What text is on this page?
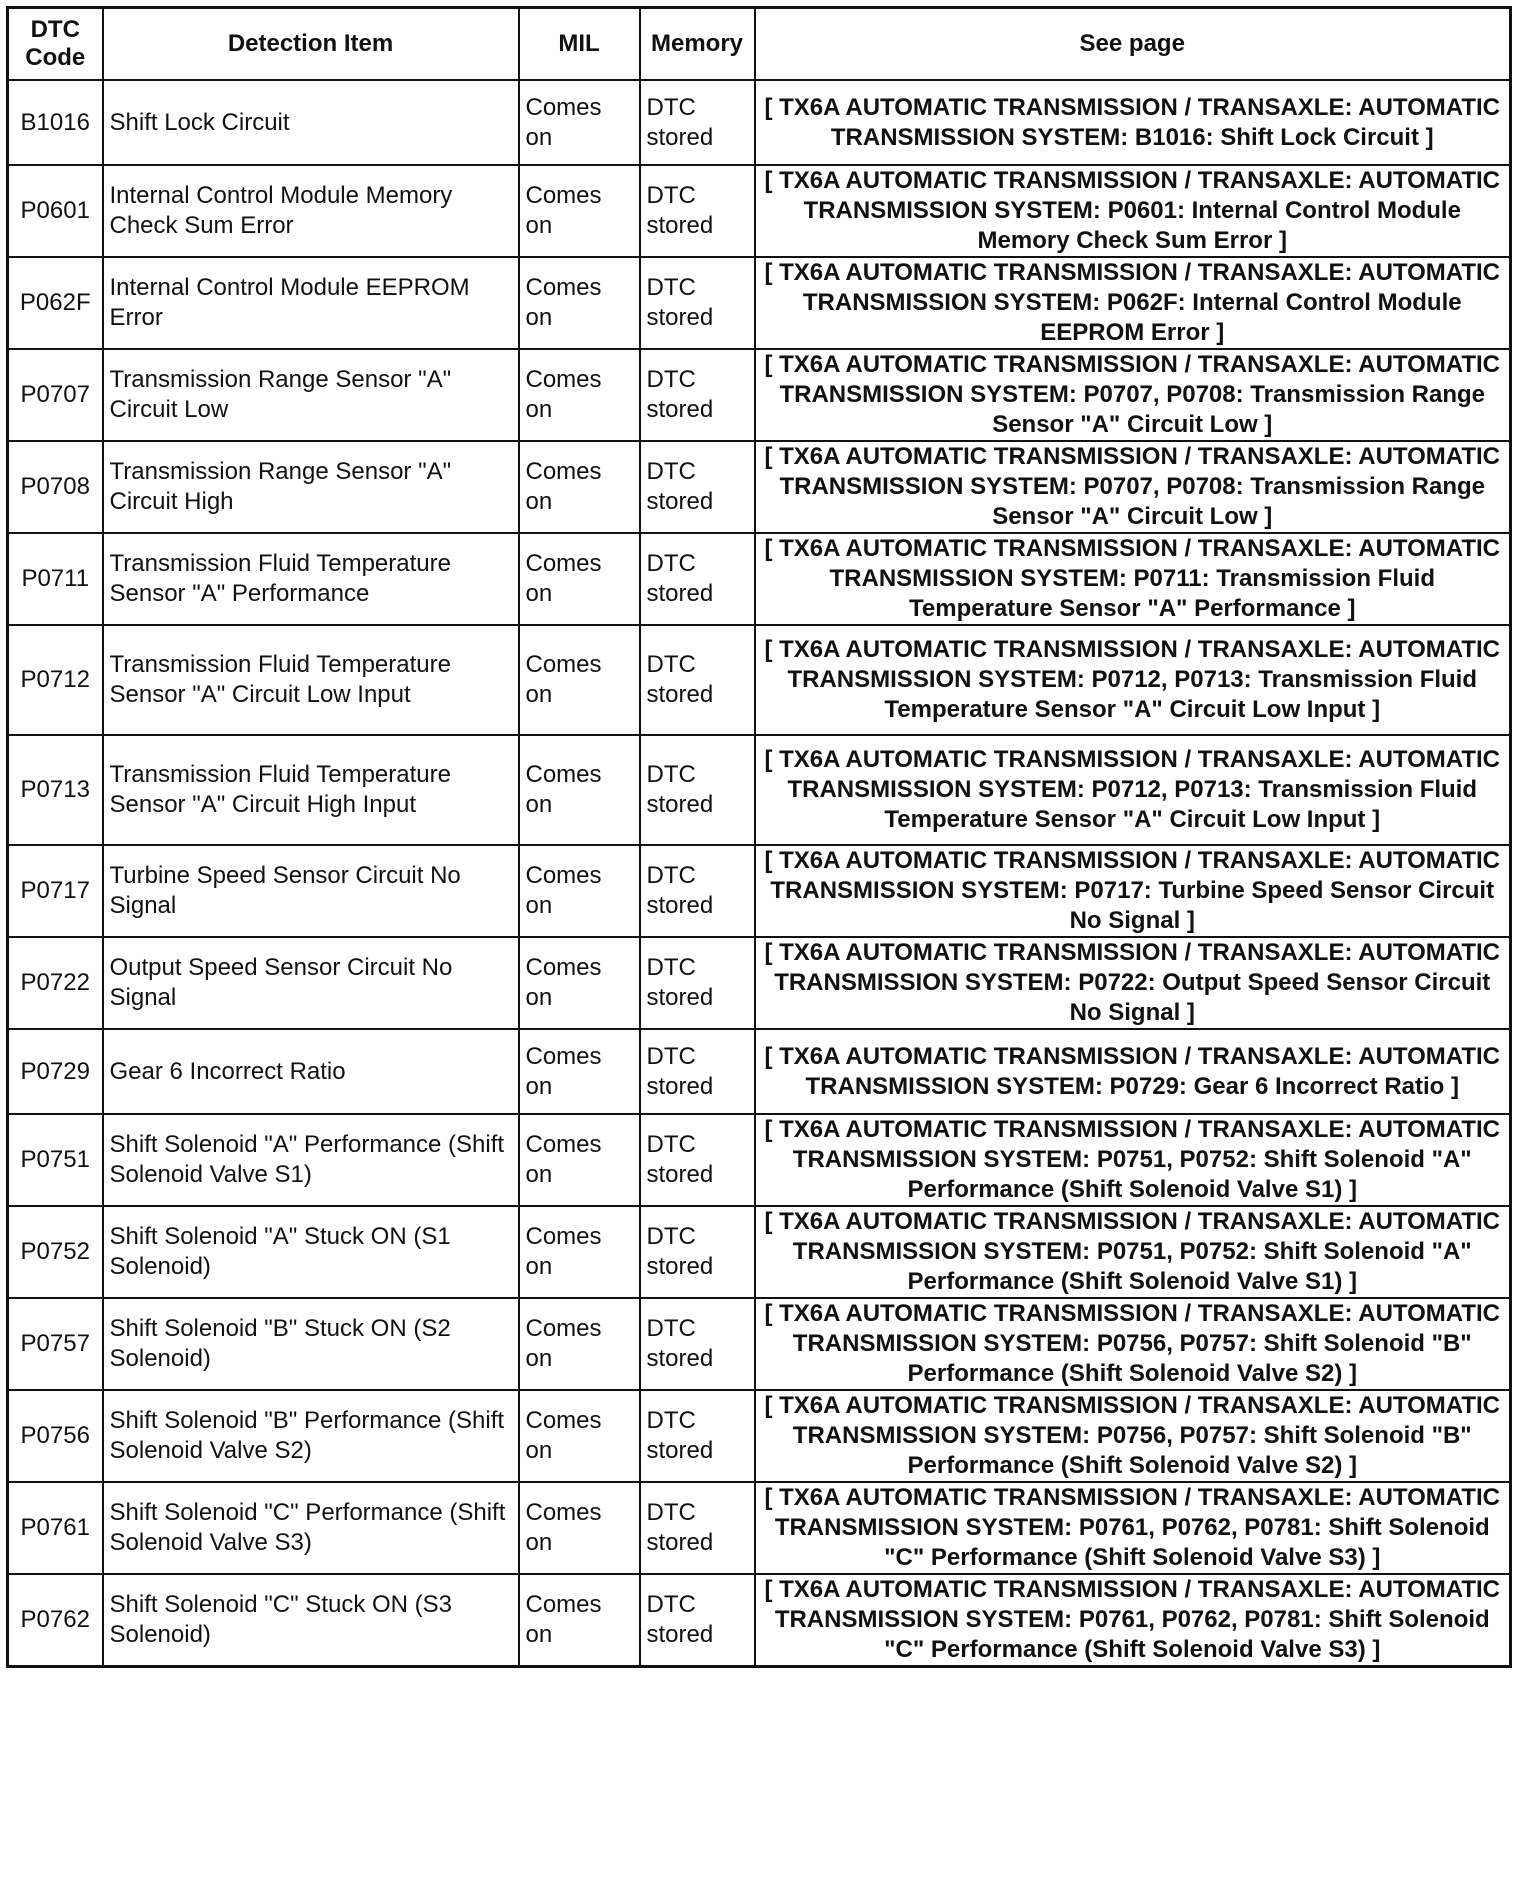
DTC Code	Detection Item	MIL	Memory	See page
B1016	Shift Lock Circuit	Comes on	DTC stored	[ TX6A AUTOMATIC TRANSMISSION / TRANSAXLE: AUTOMATIC TRANSMISSION SYSTEM: B1016: Shift Lock Circuit ]
P0601	Internal Control Module Memory Check Sum Error	Comes on	DTC stored	[ TX6A AUTOMATIC TRANSMISSION / TRANSAXLE: AUTOMATIC TRANSMISSION SYSTEM: P0601: Internal Control Module Memory Check Sum Error ]
P062F	Internal Control Module EEPROM Error	Comes on	DTC stored	[ TX6A AUTOMATIC TRANSMISSION / TRANSAXLE: AUTOMATIC TRANSMISSION SYSTEM: P062F: Internal Control Module EEPROM Error ]
P0707	Transmission Range Sensor "A" Circuit Low	Comes on	DTC stored	[ TX6A AUTOMATIC TRANSMISSION / TRANSAXLE: AUTOMATIC TRANSMISSION SYSTEM: P0707, P0708: Transmission Range Sensor "A" Circuit Low ]
P0708	Transmission Range Sensor "A" Circuit High	Comes on	DTC stored	[ TX6A AUTOMATIC TRANSMISSION / TRANSAXLE: AUTOMATIC TRANSMISSION SYSTEM: P0707, P0708: Transmission Range Sensor "A" Circuit Low ]
P0711	Transmission Fluid Temperature Sensor "A" Performance	Comes on	DTC stored	[ TX6A AUTOMATIC TRANSMISSION / TRANSAXLE: AUTOMATIC TRANSMISSION SYSTEM: P0711: Transmission Fluid Temperature Sensor "A" Performance ]
P0712	Transmission Fluid Temperature Sensor "A" Circuit Low Input	Comes on	DTC stored	[ TX6A AUTOMATIC TRANSMISSION / TRANSAXLE: AUTOMATIC TRANSMISSION SYSTEM: P0712, P0713: Transmission Fluid Temperature Sensor "A" Circuit Low Input ]
P0713	Transmission Fluid Temperature Sensor "A" Circuit High Input	Comes on	DTC stored	[ TX6A AUTOMATIC TRANSMISSION / TRANSAXLE: AUTOMATIC TRANSMISSION SYSTEM: P0712, P0713: Transmission Fluid Temperature Sensor "A" Circuit Low Input ]
P0717	Turbine Speed Sensor Circuit No Signal	Comes on	DTC stored	[ TX6A AUTOMATIC TRANSMISSION / TRANSAXLE: AUTOMATIC TRANSMISSION SYSTEM: P0717: Turbine Speed Sensor Circuit No Signal ]
P0722	Output Speed Sensor Circuit No Signal	Comes on	DTC stored	[ TX6A AUTOMATIC TRANSMISSION / TRANSAXLE: AUTOMATIC TRANSMISSION SYSTEM: P0722: Output Speed Sensor Circuit No Signal ]
P0729	Gear 6 Incorrect Ratio	Comes on	DTC stored	[ TX6A AUTOMATIC TRANSMISSION / TRANSAXLE: AUTOMATIC TRANSMISSION SYSTEM: P0729: Gear 6 Incorrect Ratio ]
P0751	Shift Solenoid "A" Performance (Shift Solenoid Valve S1)	Comes on	DTC stored	[ TX6A AUTOMATIC TRANSMISSION / TRANSAXLE: AUTOMATIC TRANSMISSION SYSTEM: P0751, P0752: Shift Solenoid "A" Performance (Shift Solenoid Valve S1) ]
P0752	Shift Solenoid "A" Stuck ON (S1 Solenoid)	Comes on	DTC stored	[ TX6A AUTOMATIC TRANSMISSION / TRANSAXLE: AUTOMATIC TRANSMISSION SYSTEM: P0751, P0752: Shift Solenoid "A" Performance (Shift Solenoid Valve S1) ]
P0757	Shift Solenoid "B" Stuck ON (S2 Solenoid)	Comes on	DTC stored	[ TX6A AUTOMATIC TRANSMISSION / TRANSAXLE: AUTOMATIC TRANSMISSION SYSTEM: P0756, P0757: Shift Solenoid "B" Performance (Shift Solenoid Valve S2) ]
P0756	Shift Solenoid "B" Performance (Shift Solenoid Valve S2)	Comes on	DTC stored	[ TX6A AUTOMATIC TRANSMISSION / TRANSAXLE: AUTOMATIC TRANSMISSION SYSTEM: P0756, P0757: Shift Solenoid "B" Performance (Shift Solenoid Valve S2) ]
P0761	Shift Solenoid "C" Performance (Shift Solenoid Valve S3)	Comes on	DTC stored	[ TX6A AUTOMATIC TRANSMISSION / TRANSAXLE: AUTOMATIC TRANSMISSION SYSTEM: P0761, P0762, P0781: Shift Solenoid "C" Performance (Shift Solenoid Valve S3) ]
P0762	Shift Solenoid "C" Stuck ON (S3 Solenoid)	Comes on	DTC stored	[ TX6A AUTOMATIC TRANSMISSION / TRANSAXLE: AUTOMATIC TRANSMISSION SYSTEM: P0761, P0762, P0781: Shift Solenoid "C" Performance (Shift Solenoid Valve S3) ]
